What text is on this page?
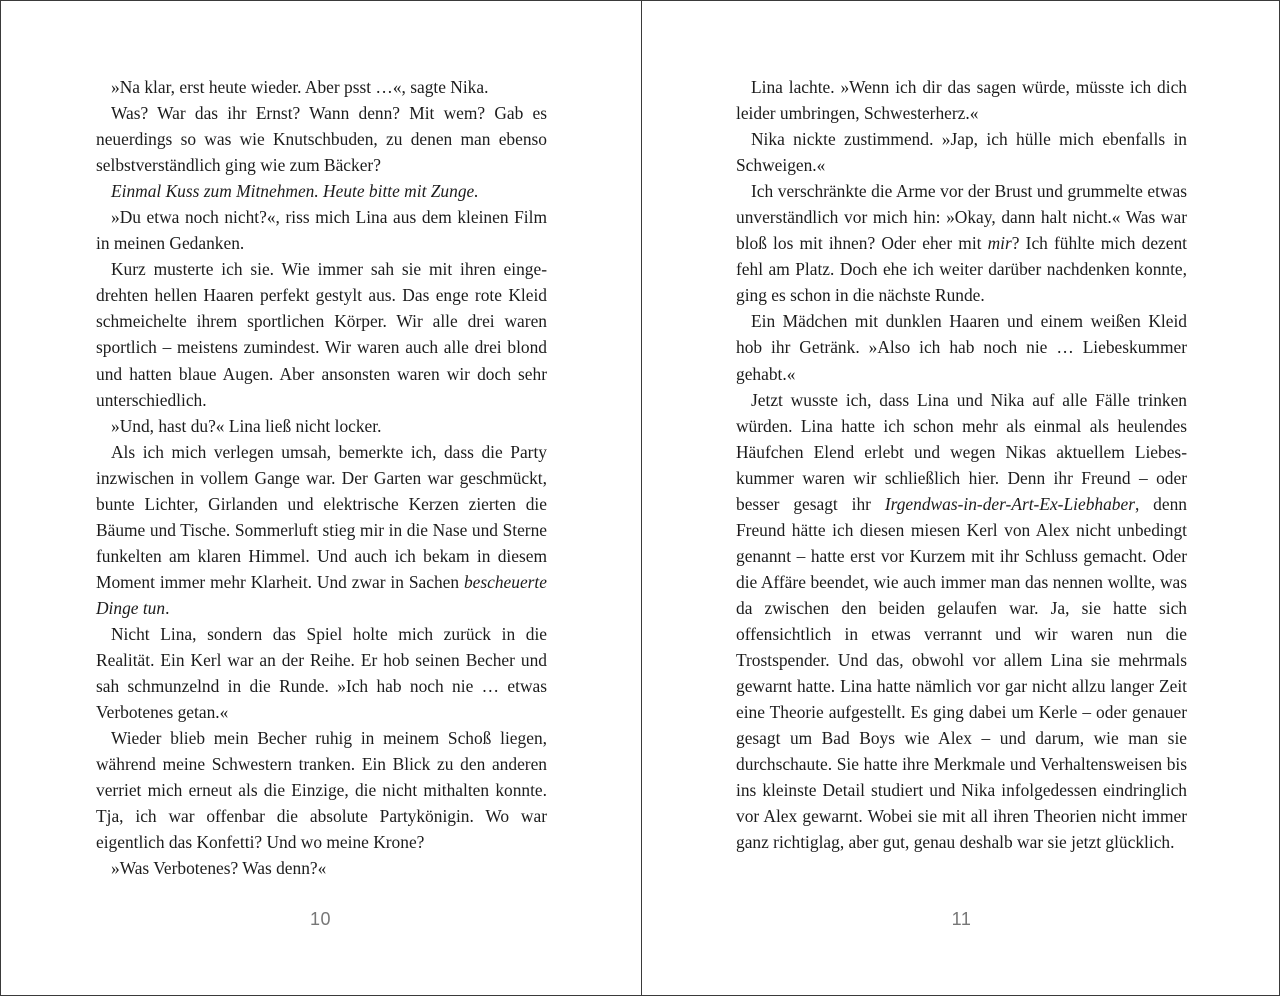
»Na klar, erst heute wieder. Aber psst …«, sagte Nika.

Was? War das ihr Ernst? Wann denn? Mit wem? Gab es neuerdings so was wie Knutschbuden, zu denen man ebenso selbstverständlich ging wie zum Bäcker?

Einmal Kuss zum Mitnehmen. Heute bitte mit Zunge.

»Du etwa noch nicht?«, riss mich Lina aus dem kleinen Film in meinen Gedanken.

Kurz musterte ich sie. Wie immer sah sie mit ihren eingedrehten hellen Haaren perfekt gestylt aus. Das enge rote Kleid schmeichelte ihrem sportlichen Körper. Wir alle drei waren sportlich – meistens zumindest. Wir waren auch alle drei blond und hatten blaue Augen. Aber ansonsten waren wir doch sehr unterschiedlich.

»Und, hast du?« Lina ließ nicht locker.

Als ich mich verlegen umsah, bemerkte ich, dass die Party inzwischen in vollem Gange war. Der Garten war geschmückt, bunte Lichter, Girlanden und elektrische Kerzen zierten die Bäume und Tische. Sommerluft stieg mir in die Nase und Sterne funkelten am klaren Himmel. Und auch ich bekam in diesem Moment immer mehr Klarheit. Und zwar in Sachen bescheuerte Dinge tun.

Nicht Lina, sondern das Spiel holte mich zurück in die Realität. Ein Kerl war an der Reihe. Er hob seinen Becher und sah schmunzelnd in die Runde. »Ich hab noch nie … etwas Verbotenes getan.«

Wieder blieb mein Becher ruhig in meinem Schoß liegen, während meine Schwestern tranken. Ein Blick zu den anderen verriet mich erneut als die Einzige, die nicht mithalten konnte. Tja, ich war offenbar die absolute Partykönigin. Wo war eigentlich das Konfetti? Und wo meine Krone?

»Was Verbotenes? Was denn?«

10

Lina lachte. »Wenn ich dir das sagen würde, müsste ich dich leider umbringen, Schwesterherz.«

Nika nickte zustimmend. »Jap, ich hülle mich ebenfalls in Schweigen.«

Ich verschränkte die Arme vor der Brust und grummelte etwas unverständlich vor mich hin: »Okay, dann halt nicht.« Was war bloß los mit ihnen? Oder eher mit mir? Ich fühlte mich dezent fehl am Platz. Doch ehe ich weiter darüber nachdenken konnte, ging es schon in die nächste Runde.

Ein Mädchen mit dunklen Haaren und einem weißen Kleid hob ihr Getränk. »Also ich hab noch nie … Liebeskummer gehabt.«

Jetzt wusste ich, dass Lina und Nika auf alle Fälle trinken würden. Lina hatte ich schon mehr als einmal als heulendes Häufchen Elend erlebt und wegen Nikas aktuellem Liebeskummer waren wir schließlich hier. Denn ihr Freund – oder besser gesagt ihr Irgendwas-in-der-Art-Ex-Liebhaber, denn Freund hätte ich diesen miesen Kerl von Alex nicht unbedingt genannt – hatte erst vor Kurzem mit ihr Schluss gemacht. Oder die Affäre beendet, wie auch immer man das nennen wollte, was da zwischen den beiden gelaufen war. Ja, sie hatte sich offensichtlich in etwas verrannt und wir waren nun die Trostspender. Und das, obwohl vor allem Lina sie mehrmals gewarnt hatte. Lina hatte nämlich vor gar nicht allzu langer Zeit eine Theorie aufgestellt. Es ging dabei um Kerle – oder genauer gesagt um Bad Boys wie Alex – und darum, wie man sie durchschaute. Sie hatte ihre Merkmale und Verhaltensweisen bis ins kleinste Detail studiert und Nika infolgedessen eindringlich vor Alex gewarnt. Wobei sie mit all ihren Theorien nicht immer ganz richtiglag, aber gut, genau deshalb war sie jetzt glücklich.

11
